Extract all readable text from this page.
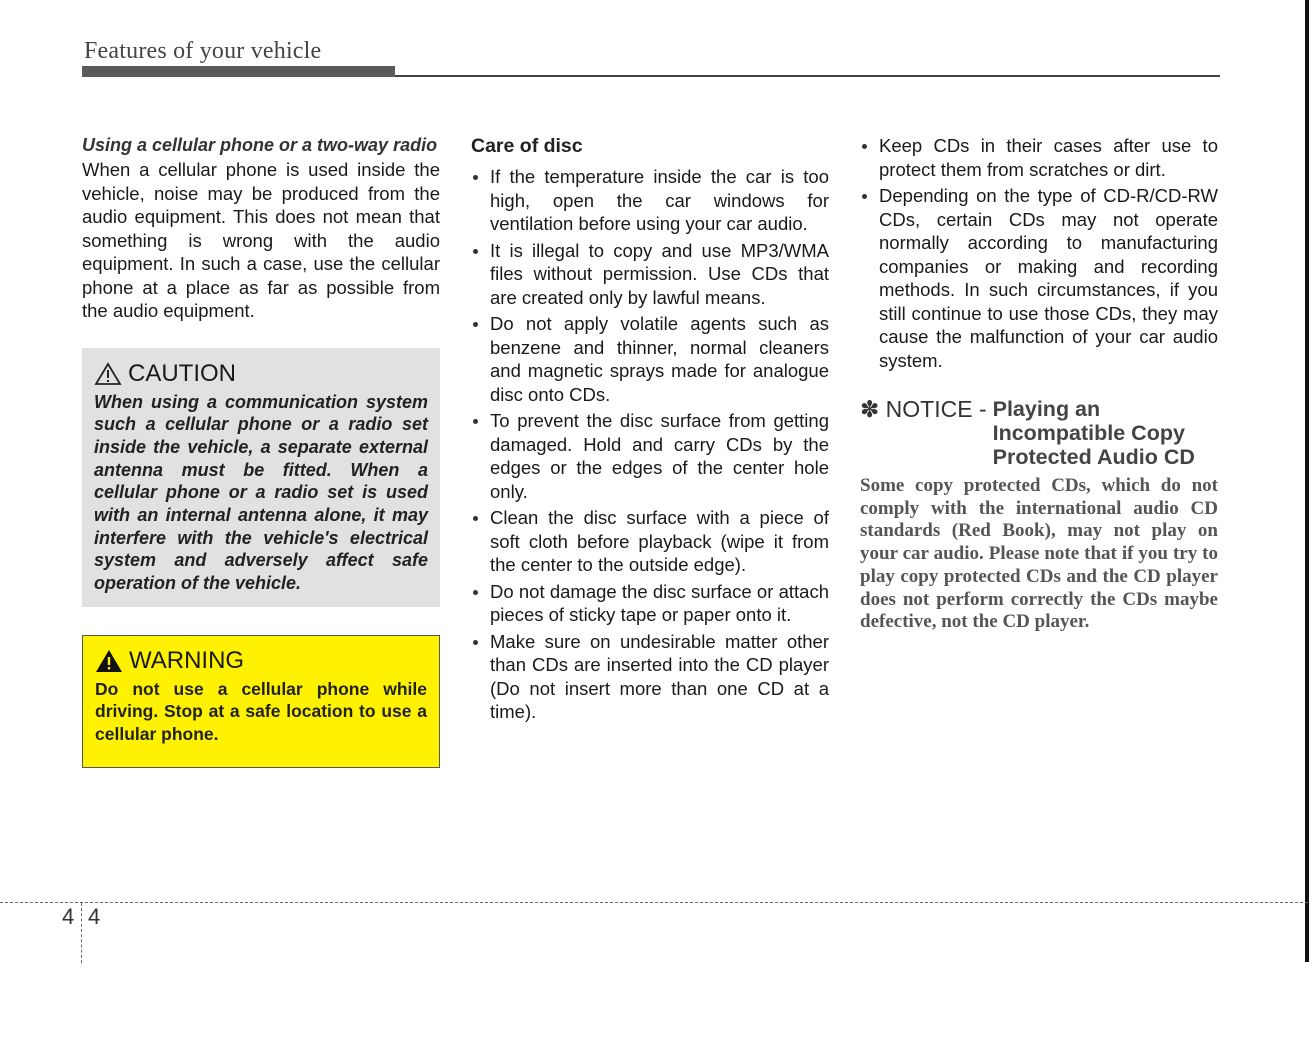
Features of your vehicle

Using a cellular phone or a two-way radio

When a cellular phone is used inside the vehicle, noise may be produced from the audio equipment. This does not mean that something is wrong with the audio equipment. In such a case, use the cellular phone at a place as far as possible from the audio equipment.

CAUTION

When using a communication system such a cellular phone or a radio set inside the vehicle, a separate external antenna must be fitted. When a cellular phone or a radio set is used with an internal antenna alone, it may interfere with the vehicle's electrical system and adversely affect safe operation of the vehicle.

WARNING

Do not use a cellular phone while driving. Stop at a safe location to use a cellular phone.

Care of disc
If the temperature inside the car is too high, open the car windows for ventilation before using your car audio.
It is illegal to copy and use MP3/WMA files without permission. Use CDs that are created only by lawful means.
Do not apply volatile agents such as benzene and thinner, normal cleaners and magnetic sprays made for analogue disc onto CDs.
To prevent the disc surface from getting damaged. Hold and carry CDs by the edges or the edges of the center hole only.
Clean the disc surface with a piece of soft cloth before playback (wipe it from the center to the outside edge).
Do not damage the disc surface or attach pieces of sticky tape or paper onto it.
Make sure on undesirable matter other than CDs are inserted into the CD player (Do not insert more than one CD at a time).
Keep CDs in their cases after use to protect them from scratches or dirt.
Depending on the type of CD-R/CD-RW CDs, certain CDs may not operate normally according to manufacturing companies or making and recording methods. In such circumstances, if you still continue to use those CDs, they may cause the malfunction of your car audio system.
✽ NOTICE - Playing an Incompatible Copy Protected Audio CD

Some copy protected CDs, which do not comply with the international audio CD standards (Red Book), may not play on your car audio. Please note that if you try to play copy protected CDs and the CD player does not perform correctly the CDs maybe defective, not the CD player.

4 4
